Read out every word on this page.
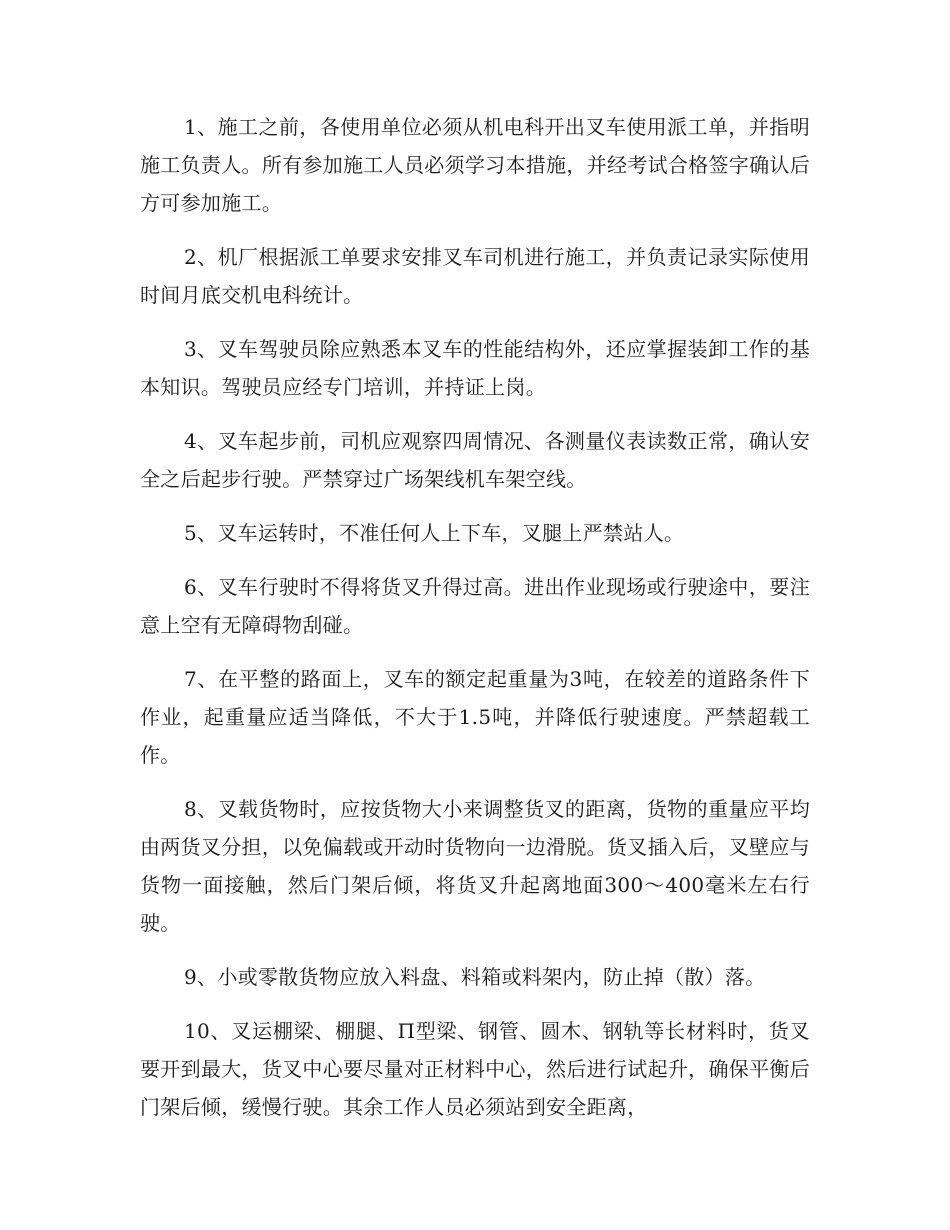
1、施工之前，各使用单位必须从机电科开出叉车使用派工单，并指明施工负责人。所有参加施工人员必须学习本措施，并经考试合格签字确认后方可参加施工。

2、机厂根据派工单要求安排叉车司机进行施工，并负责记录实际使用时间月底交机电科统计。

3、叉车驾驶员除应熟悉本叉车的性能结构外，还应掌握装卸工作的基本知识。驾驶员应经专门培训，并持证上岗。

4、叉车起步前，司机应观察四周情况、各测量仪表读数正常，确认安全之后起步行驶。严禁穿过广场架线机车架空线。

5、叉车运转时，不准任何人上下车，叉腿上严禁站人。

6、叉车行驶时不得将货叉升得过高。进出作业现场或行驶途中，要注意上空有无障碍物刮碰。

7、在平整的路面上，叉车的额定起重量为3吨，在较差的道路条件下作业，起重量应适当降低，不大于1.5吨，并降低行驶速度。严禁超载工作。

8、叉载货物时，应按货物大小来调整货叉的距离，货物的重量应平均由两货叉分担，以免偏载或开动时货物向一边滑脱。货叉插入后，叉壁应与货物一面接触，然后门架后倾，将货叉升起离地面300～400毫米左右行驶。

9、小或零散货物应放入料盘、料箱或料架内，防止掉（散）落。

10、叉运棚梁、棚腿、Π型梁、钢管、圆木、钢轨等长材料时，货叉要开到最大，货叉中心要尽量对正材料中心，然后进行试起升，确保平衡后门架后倾，缓慢行驶。其余工作人员必须站到安全距离，
